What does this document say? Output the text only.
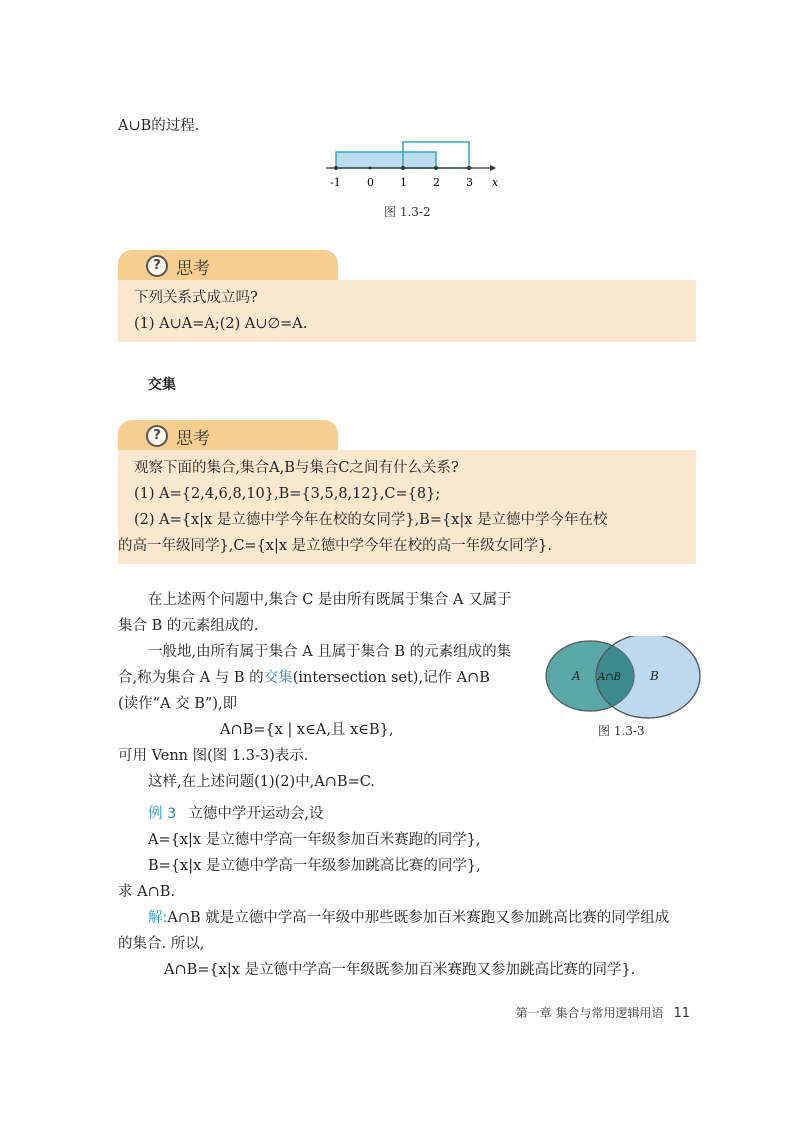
A∪B的过程.
-1 0 1 2 3 x
图 1.3-2
? 思考
下列关系式成立吗?
(1) A∪A=A;(2) A∪∅=A.
交集
? 思考
观察下面的集合,集合A,B与集合C之间有什么关系?
(1) A={2,4,6,8,10},B={3,5,8,12},C={8};
(2) A={x|x 是立德中学今年在校的女同学},B={x|x 是立德中学今年在校
的高一年级同学},C={x|x 是立德中学今年在校的高一年级女同学}.
在上述两个问题中,集合 C 是由所有既属于集合 A 又属于
集合 B 的元素组成的.
一般地,由所有属于集合 A 且属于集合 B 的元素组成的集
合,称为集合 A 与 B 的交集(intersection set),记作 A∩B
(读作“A 交 B”),即
A∩B={x | x∈A,且 x∈B},
可用 Venn 图(图 1.3-3)表示.
这样,在上述问题(1)(2)中,A∩B=C.
A A∩B B
图 1.3-3
例 3 立德中学开运动会,设
A={x|x 是立德中学高一年级参加百米赛跑的同学},
B={x|x 是立德中学高一年级参加跳高比赛的同学},
求 A∩B.
解:A∩B 就是立德中学高一年级中那些既参加百米赛跑又参加跳高比赛的同学组成
的集合. 所以,
A∩B={x|x 是立德中学高一年级既参加百米赛跑又参加跳高比赛的同学}.
第一章 集合与常用逻辑用语 11
